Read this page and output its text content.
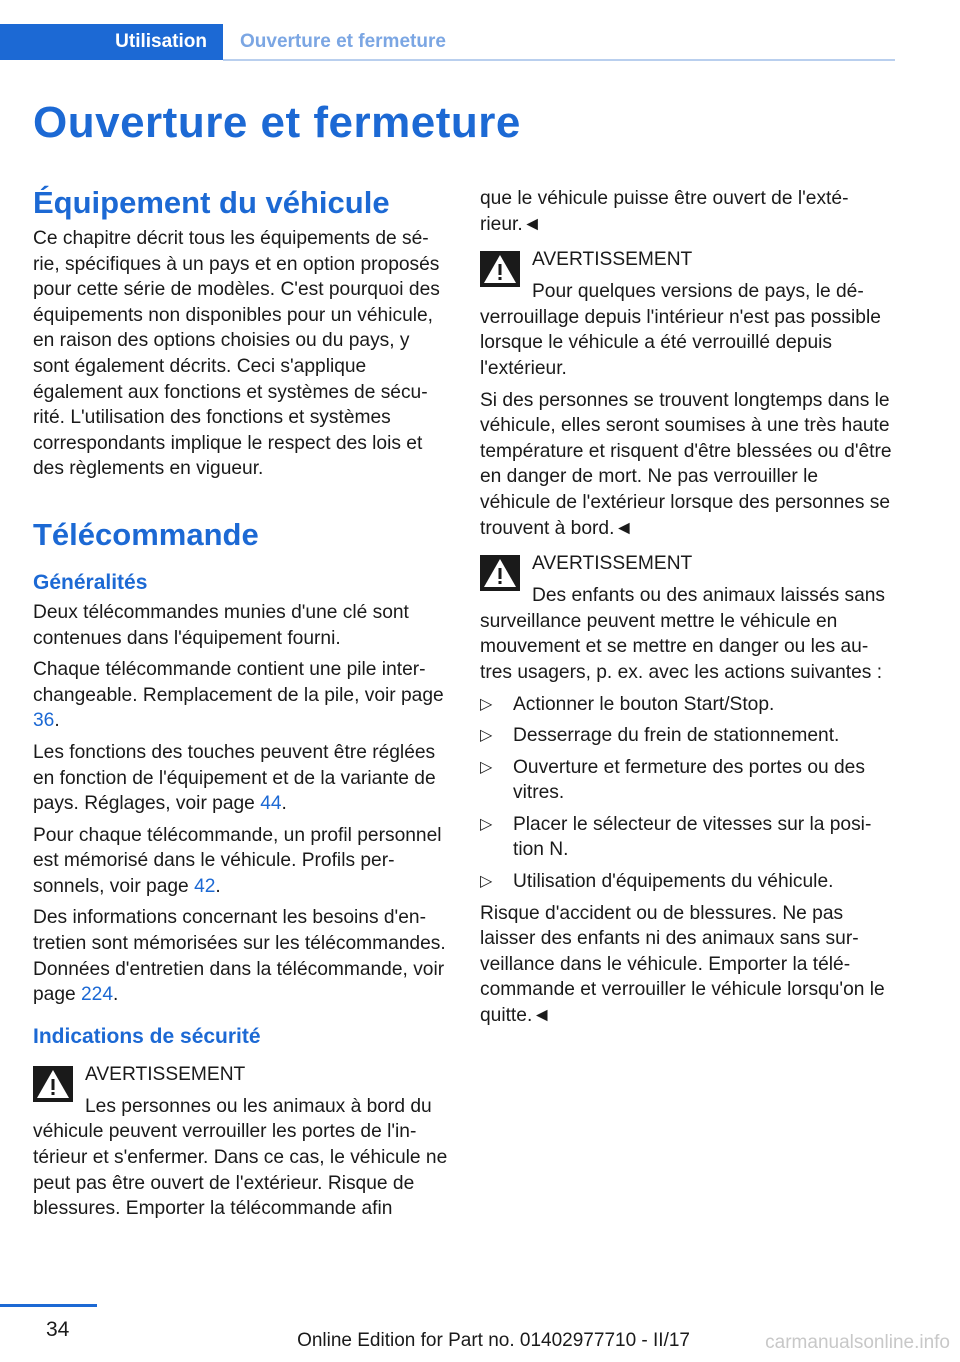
Utilisation	Ouverture et fermeture
Ouverture et fermeture
Équipement du véhicule

Ce chapitre décrit tous les équipements de série, spécifiques à un pays et en option proposés pour cette série de modèles. C'est pourquoi des équipements non disponibles pour un véhicule, en raison des options choisies ou du pays, y sont également décrits. Ceci s'applique également aux fonctions et systèmes de sécurité. L'utilisation des fonctions et systèmes correspondants implique le respect des lois et des règlements en vigueur.

Télécommande
Généralités

Deux télécommandes munies d'une clé sont contenues dans l'équipement fourni.

Chaque télécommande contient une pile interchangeable. Remplacement de la pile, voir page 36.

Les fonctions des touches peuvent être réglées en fonction de l'équipement et de la variante de pays. Réglages, voir page 44.

Pour chaque télécommande, un profil personnel est mémorisé dans le véhicule. Profils personnels, voir page 42.

Des informations concernant les besoins d'entretien sont mémorisées sur les télécommandes. Données d'entretien dans la télécommande, voir page 224.

Indications de sécurité
AVERTISSEMENT

Les personnes ou les animaux à bord du véhicule peuvent verrouiller les portes de l'intérieur et s'enfermer. Dans ce cas, le véhicule ne peut pas être ouvert de l'extérieur. Risque de blessures. Emporter la télécommande afin

que le véhicule puisse être ouvert de l'extérieur.◄

AVERTISSEMENT

Pour quelques versions de pays, le déverrouillage depuis l'intérieur n'est pas possible lorsque le véhicule a été verrouillé depuis l'extérieur.

Si des personnes se trouvent longtemps dans le véhicule, elles seront soumises à une très haute température et risquent d'être blessées ou d'être en danger de mort. Ne pas verrouiller le véhicule de l'extérieur lorsque des personnes se trouvent à bord.◄

AVERTISSEMENT

Des enfants ou des animaux laissés sans surveillance peuvent mettre le véhicule en mouvement et se mettre en danger ou les autres usagers, p. ex. avec les actions suivantes :

▷ Actionner le bouton Start/Stop.
▷ Desserrage du frein de stationnement.
▷ Ouverture et fermeture des portes ou des vitres.
▷ Placer le sélecteur de vitesses sur la position N.
▷ Utilisation d'équipements du véhicule.

Risque d'accident ou de blessures. Ne pas laisser des enfants ni des animaux sans surveillance dans le véhicule. Emporter la télécommande et verrouiller le véhicule lorsqu'on le quitte.◄

34	Online Edition for Part no. 01402977710 - II/17	carmanualsonline.info
